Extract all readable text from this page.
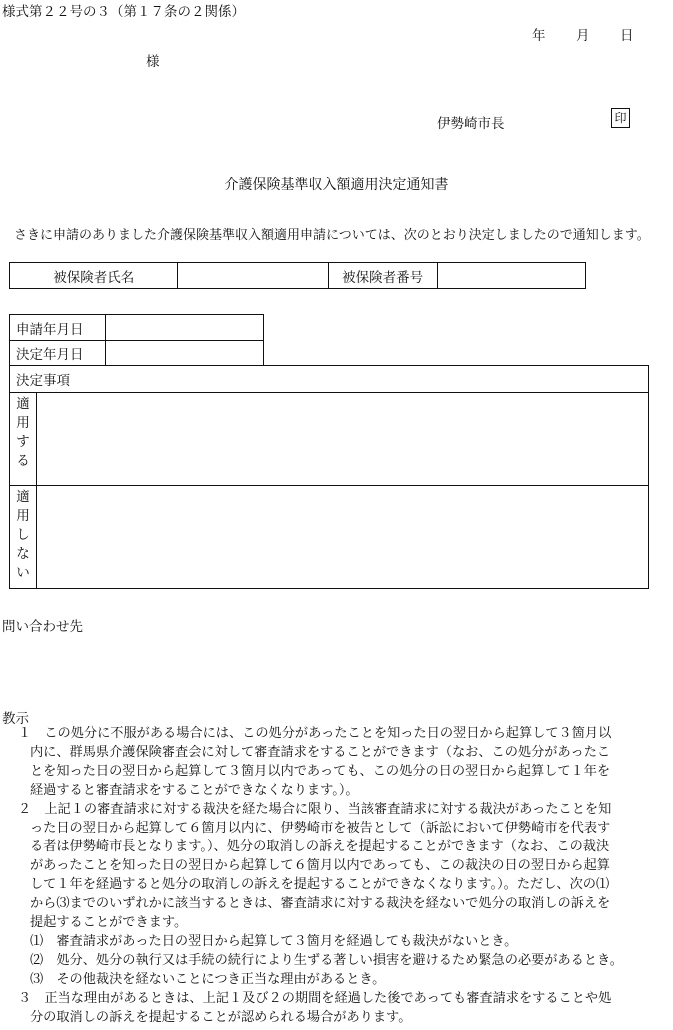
様式第２２号の３（第１７条の２関係）
年 月 日
様
伊勢崎市長	印
介護保険基準収入額適用決定通知書
さきに申請のありました介護保険基準収入額適用申請については、次のとおり決定しましたので通知します。
被保険者氏名		被保険者番号	
申請年月日	
決定年月日	
決定事項	

適
用
す
る	

適
用
し
な
い	

問い合わせ先
教示
１　この処分に不服がある場合には、この処分があったことを知った日の翌日から起算して３箇月以
内に、群馬県介護保険審査会に対して審査請求をすることができます（なお、この処分があったこ
とを知った日の翌日から起算して３箇月以内であっても、この処分の日の翌日から起算して１年を
経過すると審査請求をすることができなくなります。）。
２　上記１の審査請求に対する裁決を経た場合に限り、当該審査請求に対する裁決があったことを知
った日の翌日から起算して６箇月以内に、伊勢崎市を被告として（訴訟において伊勢崎市を代表す
る者は伊勢崎市長となります。）、処分の取消しの訴えを提起することができます（なお、この裁決
があったことを知った日の翌日から起算して６箇月以内であっても、この裁決の日の翌日から起算
して１年を経過すると処分の取消しの訴えを提起することができなくなります。）。ただし、次の⑴
から⑶までのいずれかに該当するときは、審査請求に対する裁決を経ないで処分の取消しの訴えを
提起することができます。
⑴　審査請求があった日の翌日から起算して３箇月を経過しても裁決がないとき。
⑵　処分、処分の執行又は手続の続行により生ずる著しい損害を避けるため緊急の必要があるとき。
⑶　その他裁決を経ないことにつき正当な理由があるとき。
３　正当な理由があるときは、上記１及び２の期間を経過した後であっても審査請求をすることや処
分の取消しの訴えを提起することが認められる場合があります。
